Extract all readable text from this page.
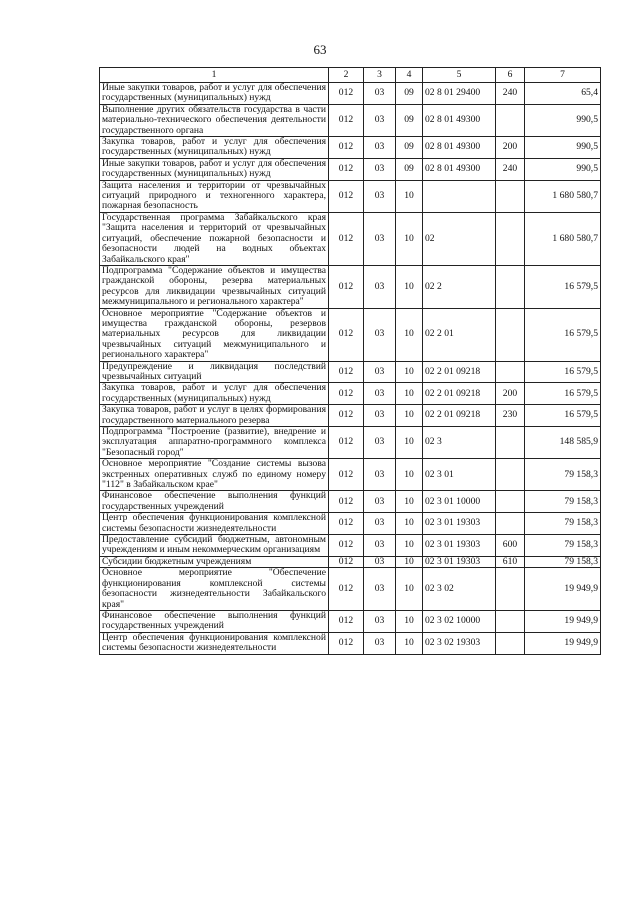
63
1	2	3	4	5	6	7
Иные закупки товаров, работ и услуг для обеспечения государственных (муниципальных) нужд	012	03	09	02 8 01 29400	240	65,4
Выполнение других обязательств государства в части материально-технического обеспечения деятельности государственного органа	012	03	09	02 8 01 49300		990,5
Закупка товаров, работ и услуг для обеспечения государственных (муниципальных) нужд	012	03	09	02 8 01 49300	200	990,5
Иные закупки товаров, работ и услуг для обеспечения государственных (муниципальных) нужд	012	03	09	02 8 01 49300	240	990,5
Защита населения и территории от чрезвычайных ситуаций природного и техногенного характера, пожарная безопасность	012	03	10			1 680 580,7
Государственная программа Забайкальского края "Защита населения и территорий от чрезвычайных ситуаций, обеспечение пожарной безопасности и безопасности людей на водных объектах Забайкальского края"	012	03	10	02		1 680 580,7
Подпрограмма "Содержание объектов и имущества гражданской обороны, резерва материальных ресурсов для ликвидации чрезвычайных ситуаций межмуниципального и регионального характера"	012	03	10	02 2		16 579,5
Основное мероприятие "Содержание объектов и имущества гражданской обороны, резервов материальных ресурсов для ликвидации чрезвычайных ситуаций межмуниципального и регионального характера"	012	03	10	02 2 01		16 579,5
Предупреждение и ликвидация последствий чрезвычайных ситуаций	012	03	10	02 2 01 09218		16 579,5
Закупка товаров, работ и услуг для обеспечения государственных (муниципальных) нужд	012	03	10	02 2 01 09218	200	16 579,5
Закупка товаров, работ и услуг в целях формирования государственного материального резерва	012	03	10	02 2 01 09218	230	16 579,5
Подпрограмма "Построение (развитие), внедрение и эксплуатация аппаратно-программного комплекса "Безопасный город"	012	03	10	02 3		148 585,9
Основное мероприятие "Создание системы вызова экстренных оперативных служб по единому номеру "112" в Забайкальском крае"	012	03	10	02 3 01		79 158,3
Финансовое обеспечение выполнения функций государственных учреждений	012	03	10	02 3 01 10000		79 158,3
Центр обеспечения функционирования комплексной системы безопасности жизнедеятельности	012	03	10	02 3 01 19303		79 158,3
Предоставление субсидий бюджетным, автономным учреждениям и иным некоммерческим организациям	012	03	10	02 3 01 19303	600	79 158,3
Субсидии бюджетным учреждениям	012	03	10	02 3 01 19303	610	79 158,3
Основное мероприятие "Обеспечение функционирования комплексной системы безопасности жизнедеятельности Забайкальского края"	012	03	10	02 3 02		19 949,9
Финансовое обеспечение выполнения функций государственных учреждений	012	03	10	02 3 02 10000		19 949,9
Центр обеспечения функционирования комплексной системы безопасности жизнедеятельности	012	03	10	02 3 02 19303		19 949,9
